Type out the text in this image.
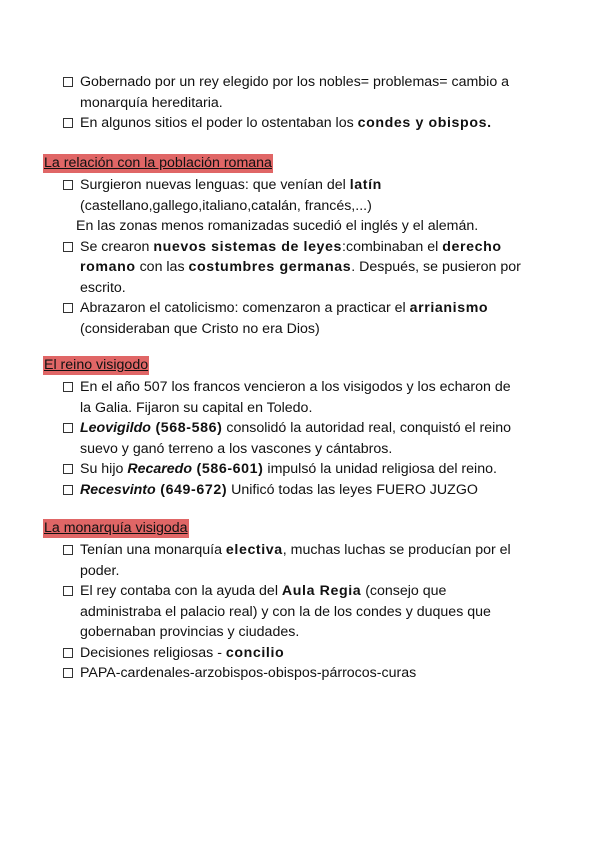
Gobernado por un rey elegido por los nobles= problemas= cambio a monarquía hereditaria.
En algunos sitios el poder lo ostentaban los condes y obispos.
La relación con la población romana
Surgieron nuevas lenguas: que venían del latín (castellano,gallego,italiano,catalán, francés,...)
En las zonas menos romanizadas sucedió el inglés y el alemán.
Se crearon nuevos sistemas de leyes:combinaban el derecho romano con las costumbres germanas. Después, se pusieron por escrito.
Abrazaron el catolicismo: comenzaron a practicar el arrianismo (consideraban que Cristo no era Dios)
El reino visigodo
En el año 507 los francos vencieron a los visigodos y los echaron de la Galia. Fijaron su capital en Toledo.
Leovigildo (568-586) consolidó la autoridad real, conquistó el reino suevo y ganó terreno a los vascones y cántabros.
Su hijo Recaredo (586-601) impulsó la unidad religiosa del reino.
Recesvinto (649-672) Unificó todas las leyes FUERO JUZGO
La monarquía visigoda
Tenían una monarquía electiva, muchas luchas se producían por el poder.
El rey contaba con la ayuda del Aula Regia (consejo que administraba el palacio real) y con la de los condes y duques que gobernaban provincias y ciudades.
Decisiones religiosas - concilio
PAPA-cardenales-arzobispos-obispos-párrocos-curas
